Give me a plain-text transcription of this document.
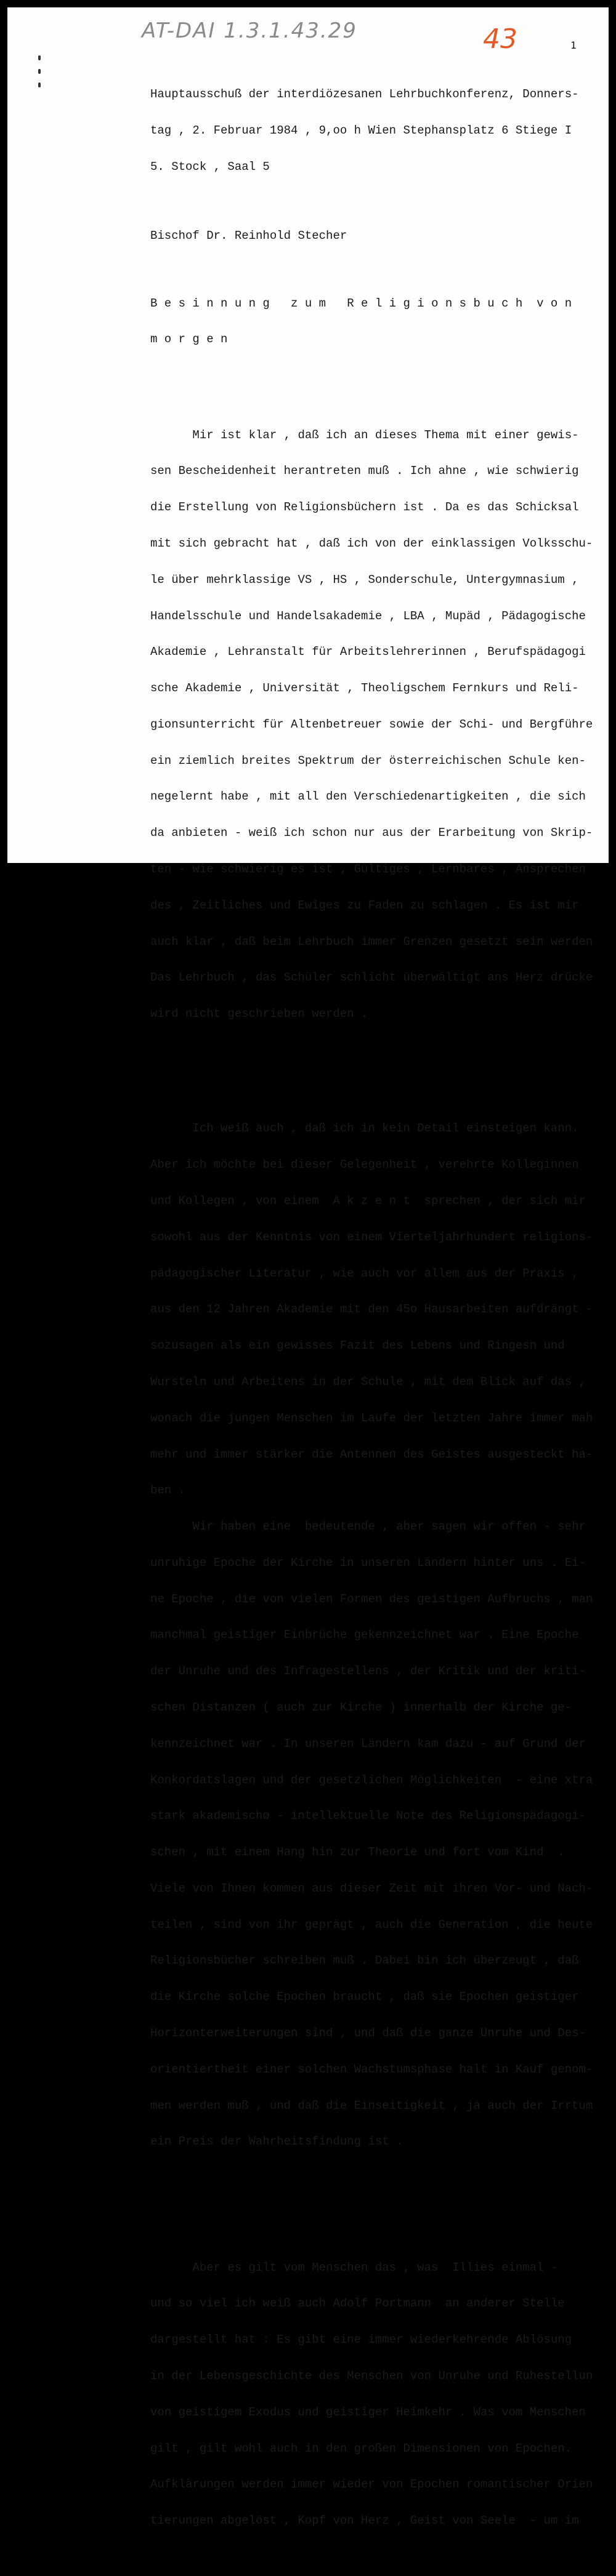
AT-DAI 1.3.1.43.29	43	1

Hauptausschuß der interdiözesanen Lehrbuchkonferenz, Donners-

tag , 2. Februar 1984 , 9,oo h Wien Stephansplatz 6 Stiege I

5. Stock , Saal 5

Bischof Dr. Reinhold Stecher

B e s i n n u n g   z u m   R e l i g i o n s b u c h  v o n

m o r g e n

Mir ist klar , daß ich an dieses Thema mit einer gewis-

sen Bescheidenheit herantreten muß . Ich ahne , wie schwierig

die Erstellung von Religionsbüchern ist . Da es das Schicksal

mit sich gebracht hat , daß ich von der einklassigen Volksschu-

le über mehrklassige VS , HS , Sonderschule, Untergymnasium ,

Handelsschule und Handelsakademie , LBA , Mupäd , Pädagogische

Akademie , Lehranstalt für Arbeitslehrerinnen , Berufspädagogi

sche Akademie , Universität , Theoligschem Fernkurs und Reli-

gionsunterricht für Altenbetreuer sowie der Schi- und Bergführe

ein ziemlich breites Spektrum der österreichischen Schule ken-

negelernt habe , mit all den Verschiedenartigkeiten , die sich

da anbieten - weiß ich schon nur aus der Erarbeitung von Skrip-

ten - wie schwierig es ist , Gültiges , Lernbares , Ansprechen

des , Zeitliches und Ewiges zu Faden zu schlagen . Es ist mir

auch klar , daß beim Lehrbuch immer Grenzen gesetzt sein werden

Das Lehrbuch , das Schüler schlicht überwältigt ans Herz drücke

wird nicht geschrieben werden .

Ich weiß auch , daß ich in kein Detail einsteigen kann.

Aber ich möchte bei dieser Gelegenheit , verehrte Kolleginnen

und Kollegen , von einem  A k z e n t  sprechen , der sich mir

sowohl aus der Kenntnis von einem Vierteljahrhundert religions-

pädagogischer Literatur , wie auch vor allem aus der Praxis ,

aus den 12 Jahren Akademie mit den 45o Hausarbeiten aufdrängt -

sozusagen als ein gewisses Fazit des Lebens und Ringesn und

Wursteln und Arbeitens in der Schule , mit dem Blick auf das ,

wonach die jungen Menschen im Laufe der letzten Jahre immer mah

mehr und immer stärker die Antennen des Geistes ausgesteckt ha-

ben .

Wir haben eine  bedeutende , aber sagen wir offen - sehr

unruhige Epoche der Kirche in unseren Ländern hinter uns . Ei-

ne Epoche , die von vielen Formen des geistigen Aufbruchs , man

manchmal geistiger Einbrüche gekennzeichnet war . Eine Epoche

der Unruhe und des Infragestellens , der Kritik und der kriti-

schen Distanzen ( auch zur Kirche ) innerhalb der Kirche ge-

kennzeichnet war . In unseren Ländern kam dazu - auf Grund der

Konkordatslagen und der gesetzlichen Möglichkeiten  - eine xtra

stark akademischø - intellektuelle Note des Religionspädagogi-

schen , mit einem Hang hin zur Theorie und fort vom Kind  .

Viele von Ihnen kommen aus dieser Zeit mit ihren Vor- und Nach-

teilen , sind von ihr geprägt , auch die Generation , die heute

Religionsbücher schreiben muß . Dabei bin ich überzeugt , daß

die Kirche solche Epochen braucht , daß sie Epochen geistiger

Horizonterweiterungen sind , und daß die ganze Unruhe und Des-

orientiertheit einer solchen Wachstumsphase halt in Kauf genom-

men werden muß , und daß die Einseitigkeit , ja auch der Irrtum

ein Preis der Wahrheitsfindung ist .

Aber es gilt vom Menschen das , was  Illies einmal -

und so viel ich weiß auch Adolf Portmann  an anderer Stelle

dargestellt hat : Es gibt eine immer wiederkehrende Ablösung

in der Lebensgeschichte des Menschen von Unruhe und Ruhestellun

von geistigem Exodus und geistiger Heimkehr . Was vom Menschen

gilt , gilt wohl auch in den großen Dimensionen von Epochen.

Aufklärungen werden immer wieder von Epochen romantischer Orien

tierungen abgelöst , Kopf von Herz , Geist von Seele  - um im
